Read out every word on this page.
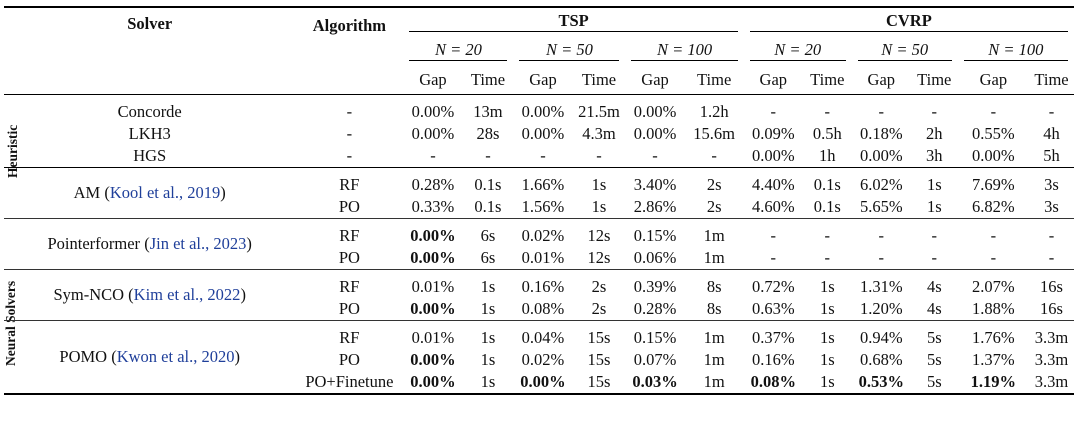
Heuristic
Neural Solvers
Solver	Algorithm	TSP						CVRP					

		N = 20		N = 50		N = 100		N = 20		N = 50		N = 100	

		Gap	Time	Gap	Time	Gap	Time	Gap	Time	Gap	Time	Gap	Time
Concorde	-	0.00%	13m	0.00%	21.5m	0.00%	1.2h	-	-	-	-	-	-
LKH3	-	0.00%	28s	0.00%	4.3m	0.00%	15.6m	0.09%	0.5h	0.18%	2h	0.55%	4h
HGS	-	-	-	-	-	-	-	0.00%	1h	0.00%	3h	0.00%	5h
AM (Kool et al., 2019)	RF	0.28%	0.1s	1.66%	1s	3.40%	2s	4.40%	0.1s	6.02%	1s	7.69%	3s
	PO	0.33%	0.1s	1.56%	1s	2.86%	2s	4.60%	0.1s	5.65%	1s	6.82%	3s
Pointerformer (Jin et al., 2023)	RF	0.00%	6s	0.02%	12s	0.15%	1m	-	-	-	-	-	-
	PO	0.00%	6s	0.01%	12s	0.06%	1m	-	-	-	-	-	-
Sym-NCO (Kim et al., 2022)	RF	0.01%	1s	0.16%	2s	0.39%	8s	0.72%	1s	1.31%	4s	2.07%	16s
	PO	0.00%	1s	0.08%	2s	0.28%	8s	0.63%	1s	1.20%	4s	1.88%	16s
POMO (Kwon et al., 2020)	RF	0.01%	1s	0.04%	15s	0.15%	1m	0.37%	1s	0.94%	5s	1.76%	3.3m
	PO	0.00%	1s	0.02%	15s	0.07%	1m	0.16%	1s	0.68%	5s	1.37%	3.3m
	PO+Finetune	0.00%	1s	0.00%	15s	0.03%	1m	0.08%	1s	0.53%	5s	1.19%	3.3m
